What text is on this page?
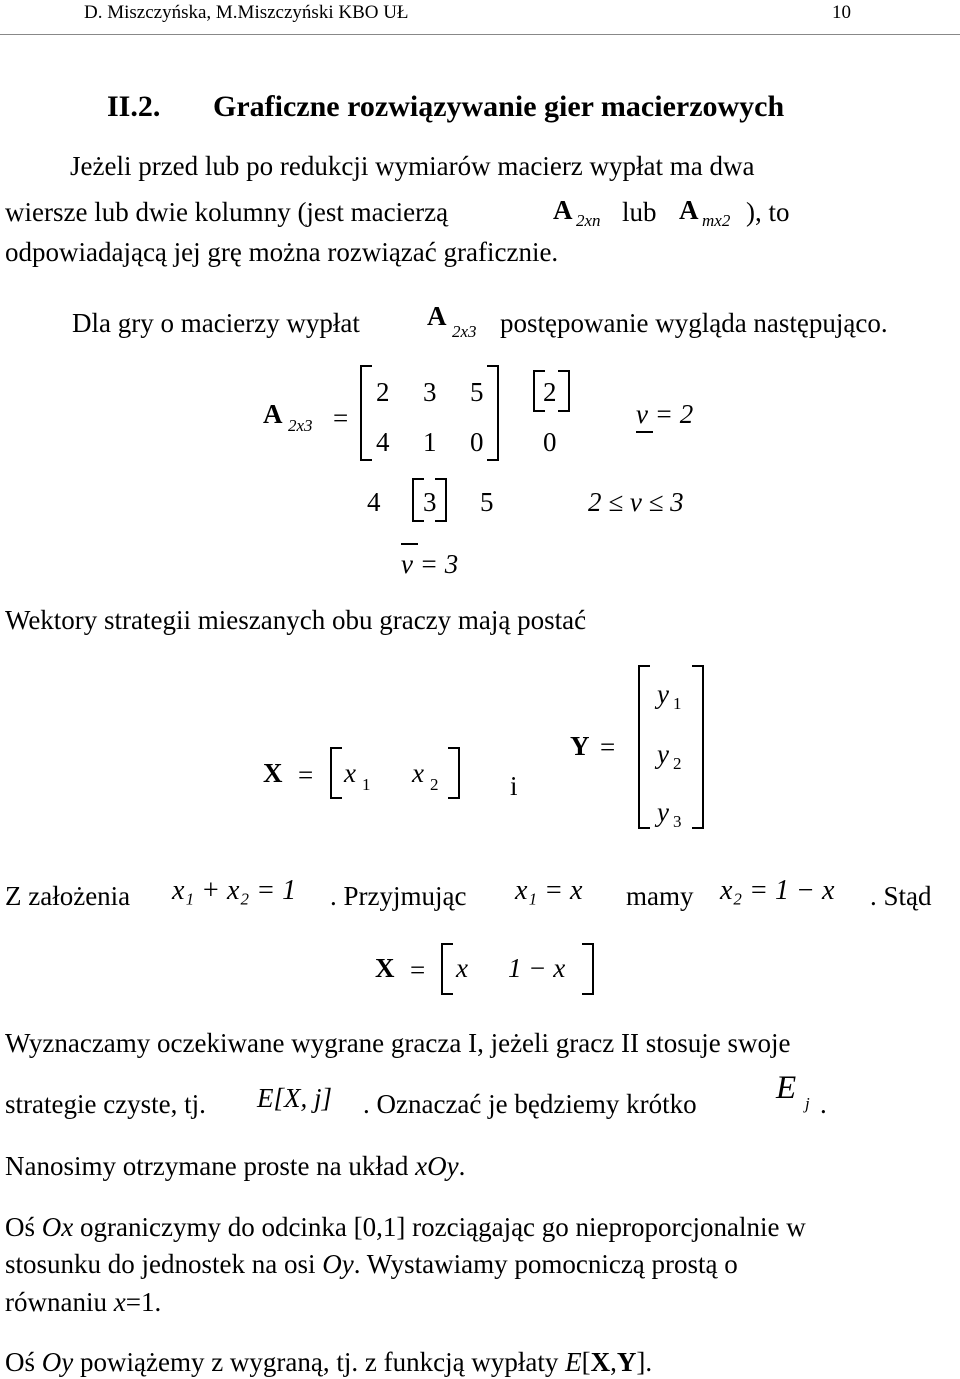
D. Miszczyńska, M.Miszczyński KBO UŁ	10
II.2. Graficzne rozwiązywanie gier macierzowych
Jeżeli przed lub po redukcji wymiarów macierz wypłat ma dwa
wiersze lub dwie kolumny (jest macierzą	A 2xn lub A mx2 ), to
odpowiadającą jej grę można rozwiązać graficznie.
Dla gry o macierzy wypłat A
2x3 postępowanie wygląda następująco.
A 2x3 =
2 3 5
4 1 0
2
0
v = 2
4 3 5	2 ≤ v ≤ 3
v = 3
Wektory strategii mieszanych obu graczy mają postać
X = x 1 x 2	i
Y =
y 1
y 2
y 3
Z założenia x₁ + x₂ = 1 . Przyjmując x₁ = x mamy x₂ = 1 − x . Stąd
X = x 1 − x
Wyznaczamy oczekiwane wygrane gracza I, jeżeli gracz II stosuje swoje
strategie czyste, tj. E[X, j] . Oznaczać je będziemy krótko E j .
Nanosimy otrzymane proste na układ xOy.
Oś Ox ograniczymy do odcinka [0,1] rozciągając go nieproporcjonalnie w
stosunku do jednostek na osi Oy. Wystawiamy pomocniczą prostą o
równaniu x=1.
Oś Oy powiążemy z wygraną, tj. z funkcją wypłaty E[X,Y].
